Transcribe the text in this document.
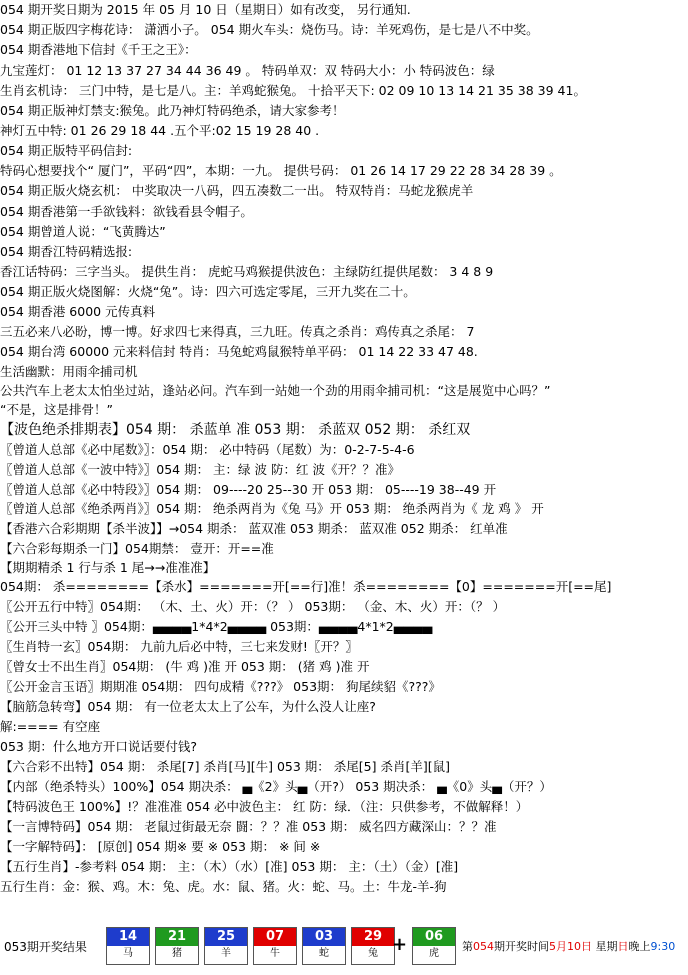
054 期开奖日期为 2015 年 05 月 10 日（星期日）如有改变， 另行通知.
054 期正版四字梅花诗： 潇洒小子。 054 期火车头：烧伤马。诗：羊死鸡伤，是七是八不中奖。
054 期香港地下信封《千王之王》：
九宝莲灯： 01 12 13 37 27 34 44 36 49 。 特码单双：双 特码大小：小 特码波色：绿
生肖玄机诗： 三门中特，是七是八。主：羊鸡蛇猴兔。 十拾平天下: 02 09 10 13 14 21 35 38 39 41。
054 期正版神灯禁支:猴兔。此乃神灯特码绝杀，请大家参考！
神灯五中特: 01 26 29 18 44 .五个平:02 15 19 28 40 .
054 期正版特平码信封:
特码心想要找个“ 厦门”，平码“四”，本期：一九。 提供号码： 01 26 14 17 29 22 28 34 28 39 。
054 期正版火烧玄机： 中奖取决一八码，四五凑数二一出。 特双特肖：马蛇龙猴虎羊
054 期香港第一手欲钱料：欲钱看县令帽子。
054 期曾道人说：“飞黄腾达”
054 期香江特码精选报:
香江话特码：三字当头。 提供生肖： 虎蛇马鸡猴提供波色：主绿防红提供尾数： 3 4 8 9
054 期正版火烧图解：火烧“兔”。诗：四六可选定零尾，三开九奖在二十。
054 期香港 6000 元传真料
三五必来八必盼，博一博。好求四七来得真，三九旺。传真之杀肖：鸡传真之杀尾： 7
054 期台湾 60000 元来料信封 特肖：马兔蛇鸡鼠猴特单平码： 01 14 22 33 47 48.
生活幽默：用雨伞捕司机
公共汽车上老太太怕坐过站，逢站必问。汽车到一站她一个劲的用雨伞捕司机：“这是展览中心吗？”
“不是，这是排骨！”
【波色绝杀排期表】054 期： 杀蓝单 准 053 期： 杀蓝双 052 期： 杀红双
〖曾道人总部《必中尾数》〗：054 期： 必中特码（尾数）为：0-2-7-5-4-6
〖曾道人总部《一波中特》〗054 期： 主：绿 波 防：红 波《开？？准》
〖曾道人总部《必中特段》〗054 期： 09----20 25--30 开 053 期： 05----19 38--49 开
〖曾道人总部《绝杀两肖》〗054 期： 绝杀两肖为《兔 马》开 053 期： 绝杀两肖为《 龙 鸡 》 开
【香港六合彩期期【杀半波】】→054 期杀： 蓝双准 053 期杀： 蓝双准 052 期杀： 红单准
【六合彩每期杀一门】054期禁： 壹开：开==准
【期期精杀 1 行与杀 1 尾→→准准准】
054期： 杀========【杀水】=======开[==行]准！杀========【0】=======开[==尾]
〖公开五行中特〗054期： （木、土、火）开：（？ ） 053期： （金、木、火）开：（？ ）
〖公开三头中特 〗054期：▄▄▄▄1*4*2▄▄▄▄ 053期：▄▄▄▄4*1*2▄▄▄▄
〖生肖特一玄〗054期： 九前九后必中特，三七来发财!〖开？〗
〖曾女士不出生肖〗054期： (牛 鸡 )准 开 053 期： (猪 鸡 )准 开
〖公开金言玉语〗期期准 054期： 四句成精《???》 053期： 狗尾续貂《???》
【脑筋急转弯】054 期： 有一位老太太上了公车，为什么没人让座?
解:==== 有空座
053 期：什么地方开口说话要付钱?
【六合彩不出特】054 期： 杀尾[7] 杀肖[马][牛] 053 期： 杀尾[5] 杀肖[羊][鼠]
【内部（绝杀特头）100%】054 期决杀： ▄《2》头▄（开?） 053 期决杀： ▄《0》头▄（开？）
【特码波色王 100%】!？准准准 054 必中波色主： 红 防：绿．（注：只供参考，不做解释！）
【一言博特码】054 期： 老鼠过街最无奈 闘：？？准 053 期： 威名四方藏深山：？？准
【一字解特码】： [原创] 054 期※ 要 ※ 053 期： ※ 间 ※
【五行生肖】-参考料 054 期： 主：（木）（水）[准] 053 期： 主：（土）（金）[准]
五行生肖：金：猴、鸡。木：兔、虎。水：鼠、猪。火：蛇、马。土：牛龙-羊-狗
053期开奖结果
14
马
21
猪
25
羊
07
牛
03
蛇
29
兔 +	06
虎
第054期开奖时间5月10日 星期日晚上9:30
